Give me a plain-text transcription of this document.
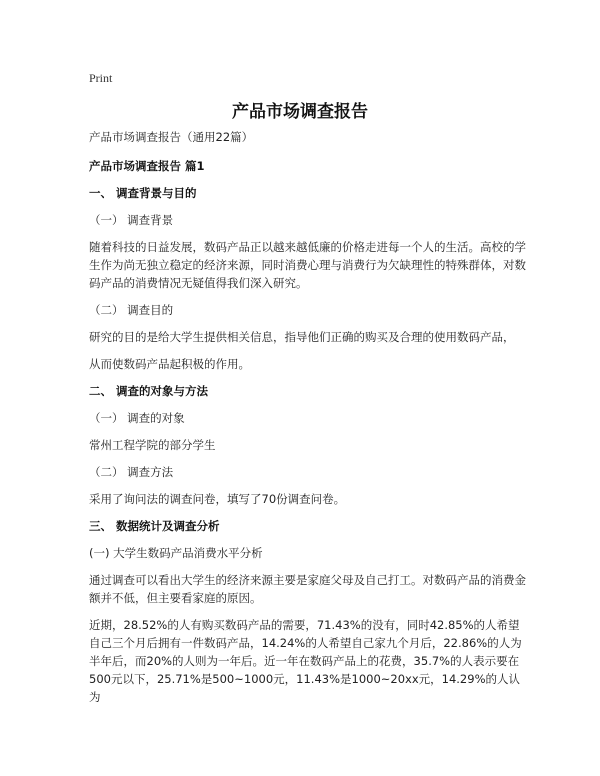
Print
产品市场调查报告

产品市场调查报告（通用22篇）

产品市场调查报告 篇1

一、 调查背景与目的

（一） 调查背景

随着科技的日益发展，数码产品正以越来越低廉的价格走进每一个人的生活。高校的学生作为尚无独立稳定的经济来源，同时消费心理与消费行为欠缺理性的特殊群体，对数码产品的消费情况无疑值得我们深入研究。

（二） 调查目的

研究的目的是给大学生提供相关信息，指导他们正确的购买及合理的使用数码产品，

从而使数码产品起积极的作用。

二、 调查的对象与方法

（一） 调查的对象

常州工程学院的部分学生

（二） 调查方法

采用了询问法的调查问卷，填写了70份调查问卷。

三、 数据统计及调查分析

(一) 大学生数码产品消费水平分析

通过调查可以看出大学生的经济来源主要是家庭父母及自己打工。对数码产品的消费金额并不低，但主要看家庭的原因。

近期，28.52%的人有购买数码产品的需要，71.43%的没有，同时42.85%的人希望自己三个月后拥有一件数码产品，14.24%的人希望自己家九个月后，22.86%的人为半年后，而20%的人则为一年后。近一年在数码产品上的花费，35.7%的人表示要在500元以下，25.71%是500~1000元，11.43%是1000~20xx元，14.29%的人认为
